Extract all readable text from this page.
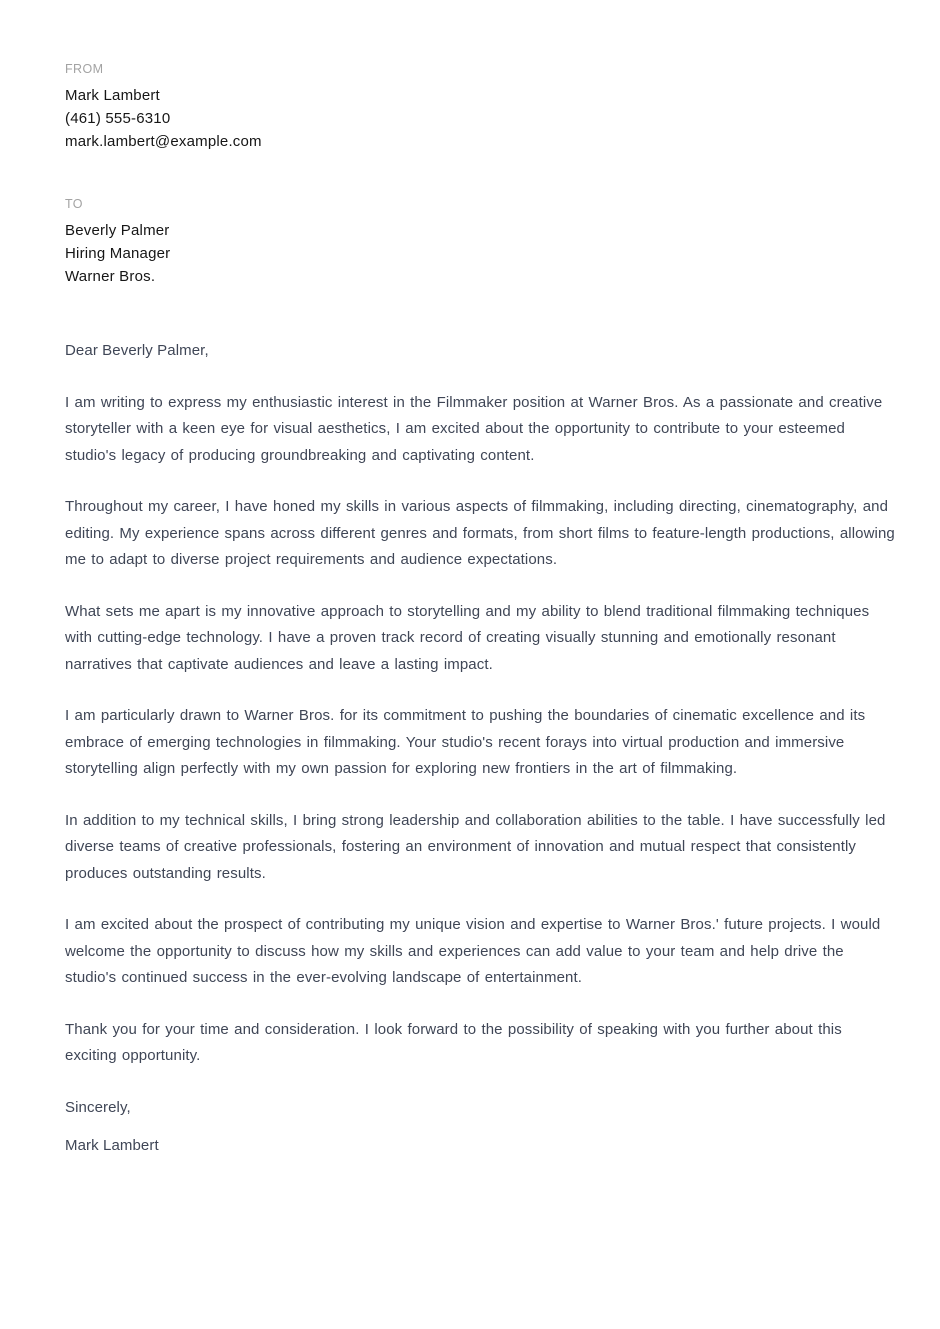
FROM
Mark Lambert
(461) 555-6310
mark.lambert@example.com
TO
Beverly Palmer
Hiring Manager
Warner Bros.

Dear Beverly Palmer,

I am writing to express my enthusiastic interest in the Filmmaker position at Warner Bros. As a passionate and creative storyteller with a keen eye for visual aesthetics, I am excited about the opportunity to contribute to your esteemed studio's legacy of producing groundbreaking and captivating content.

Throughout my career, I have honed my skills in various aspects of filmmaking, including directing, cinematography, and editing. My experience spans across different genres and formats, from short films to feature-length productions, allowing me to adapt to diverse project requirements and audience expectations.

What sets me apart is my innovative approach to storytelling and my ability to blend traditional filmmaking techniques with cutting-edge technology. I have a proven track record of creating visually stunning and emotionally resonant narratives that captivate audiences and leave a lasting impact.

I am particularly drawn to Warner Bros. for its commitment to pushing the boundaries of cinematic excellence and its embrace of emerging technologies in filmmaking. Your studio's recent forays into virtual production and immersive storytelling align perfectly with my own passion for exploring new frontiers in the art of filmmaking.

In addition to my technical skills, I bring strong leadership and collaboration abilities to the table. I have successfully led diverse teams of creative professionals, fostering an environment of innovation and mutual respect that consistently produces outstanding results.

I am excited about the prospect of contributing my unique vision and expertise to Warner Bros.' future projects. I would welcome the opportunity to discuss how my skills and experiences can add value to your team and help drive the studio's continued success in the ever-evolving landscape of entertainment.

Thank you for your time and consideration. I look forward to the possibility of speaking with you further about this exciting opportunity.

Sincerely,

Mark Lambert
